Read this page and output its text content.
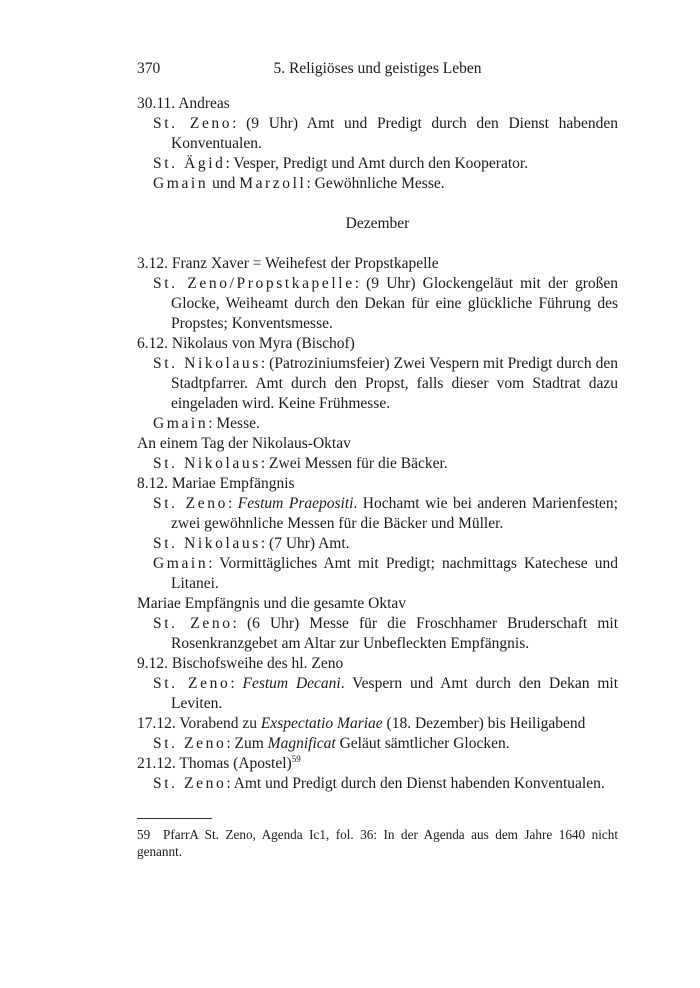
370	5. Religiöses und geistiges Leben

30.11. Andreas

St. Zeno: (9 Uhr) Amt und Predigt durch den Dienst habenden Konventualen.

St. Ägid: Vesper, Predigt und Amt durch den Kooperator.

Gmain und Marzoll: Gewöhnliche Messe.

Dezember

3.12. Franz Xaver = Weihefest der Propstkapelle

St. Zeno/Propstkapelle: (9 Uhr) Glockengeläut mit der großen Glocke, Weiheamt durch den Dekan für eine glückliche Führung des Propstes; Konventsmesse.

6.12. Nikolaus von Myra (Bischof)

St. Nikolaus: (Patroziniumsfeier) Zwei Vespern mit Predigt durch den Stadtpfarrer. Amt durch den Propst, falls dieser vom Stadtrat dazu eingeladen wird. Keine Frühmesse.

Gmain: Messe.

An einem Tag der Nikolaus-Oktav

St. Nikolaus: Zwei Messen für die Bäcker.

8.12. Mariae Empfängnis

St. Zeno: Festum Praepositi. Hochamt wie bei anderen Marienfesten; zwei gewöhnliche Messen für die Bäcker und Müller.

St. Nikolaus: (7 Uhr) Amt.

Gmain: Vormittägliches Amt mit Predigt; nachmittags Katechese und Litanei.

Mariae Empfängnis und die gesamte Oktav

St. Zeno: (6 Uhr) Messe für die Froschhamer Bruderschaft mit Rosenkranzgebet am Altar zur Unbefleckten Empfängnis.

9.12. Bischofsweihe des hl. Zeno

St. Zeno: Festum Decani. Vespern und Amt durch den Dekan mit Leviten.

17.12. Vorabend zu Exspectatio Mariae (18. Dezember) bis Heiligabend

St. Zeno: Zum Magnificat Geläut sämtlicher Glocken.

21.12. Thomas (Apostel)$^{59}$

St. Zeno: Amt und Predigt durch den Dienst habenden Konventualen.

59 PfarrA St. Zeno, Agenda Ic1, fol. 36: In der Agenda aus dem Jahre 1640 nicht genannt.
